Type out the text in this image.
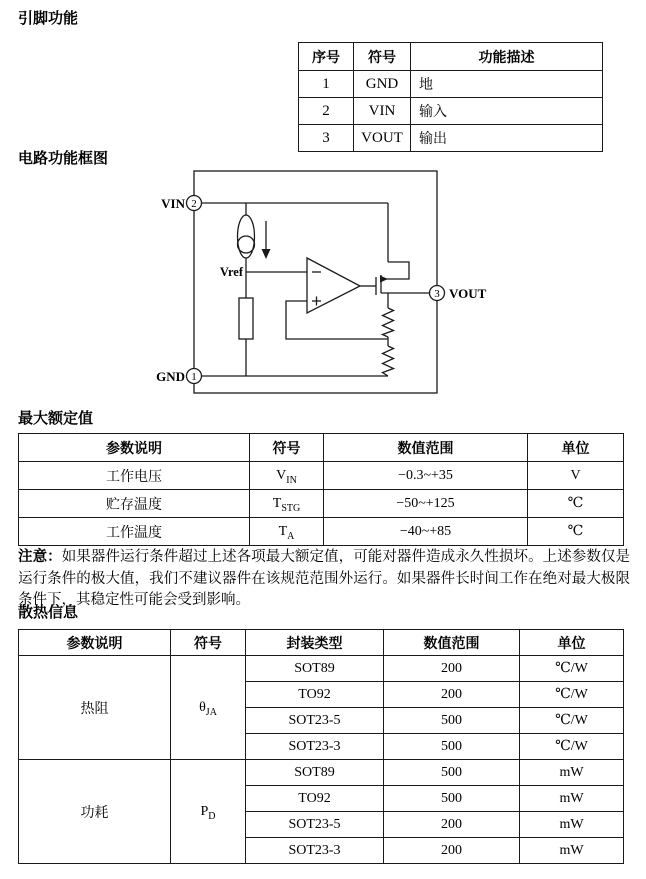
引脚功能
序号	符号	功能描述
1	GND	地
2	VIN	输入
3	VOUT	输出
电路功能框图
Vref
2
VIN
1
GND
3 VOUT
最大额定值
参数说明	符号	数值范围	单位
工作电压	$V_{IN}$	−0.3~+35	V
贮存温度	$T_{STG}$	−50~+125	℃
工作温度	$T_A$	−40~+85	℃
注意：如果器件运行条件超过上述各项最大额定值，可能对器件造成永久性损坏。上述参数仅是运行条件的极大值，我们不建议器件在该规范范围外运行。如果器件长时间工作在绝对最大极限条件下，其稳定性可能会受到影响。
散热信息
参数说明	符号	封装类型	数值范围	单位
热阻	$\theta_{JA}$	SOT89	200	℃/W
		TO92	200	℃/W
		SOT23-5	500	℃/W
		SOT23-3	500	℃/W
功耗	$P_D$	SOT89	500	mW
		TO92	500	mW
		SOT23-5	200	mW
		SOT23-3	200	mW
